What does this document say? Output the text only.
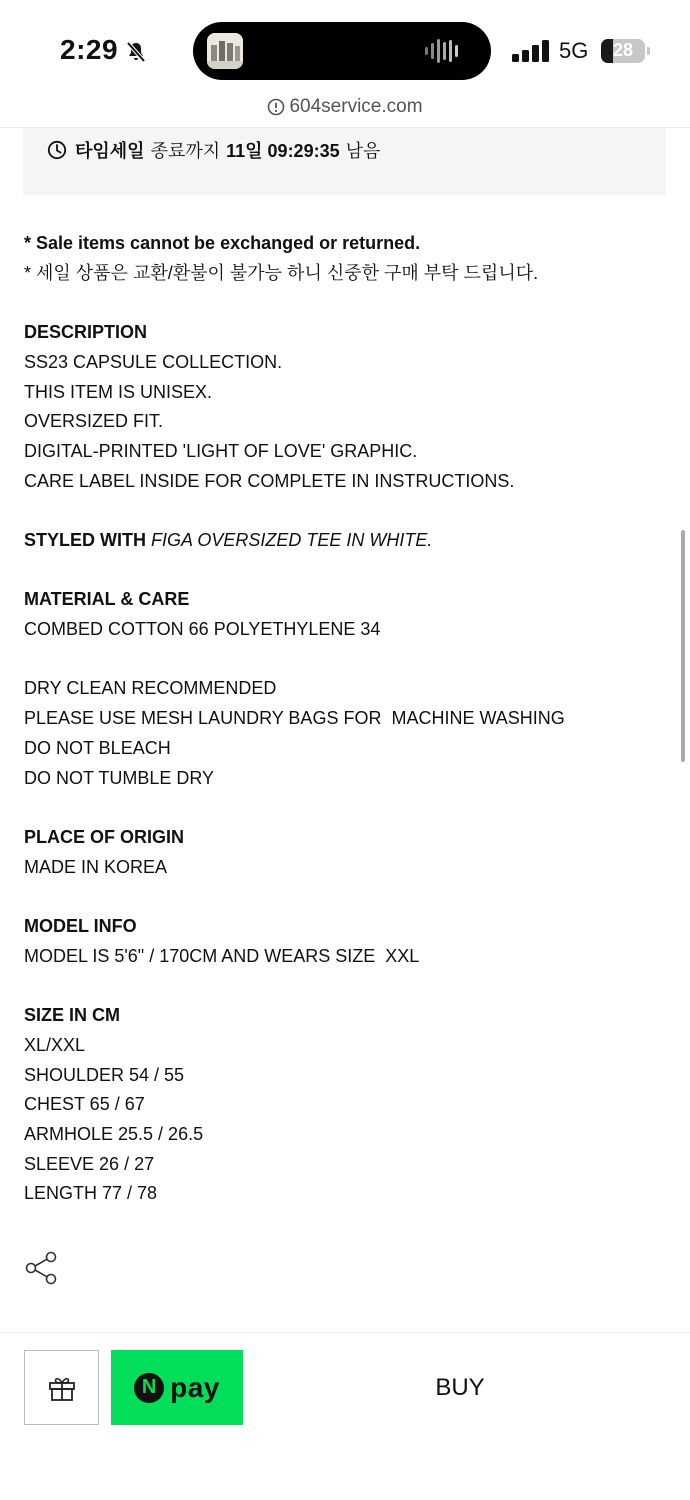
2:29	5G	28
604service.com
타임세일 종료까지 11일 09:29:35 남음

* Sale items cannot be exchanged or returned.

* 세일 상품은 교환/환불이 불가능 하니 신중한 구매 부탁 드립니다.

DESCRIPTION

SS23 CAPSULE COLLECTION.

THIS ITEM IS UNISEX.

OVERSIZED FIT.

DIGITAL-PRINTED 'LIGHT OF LOVE' GRAPHIC.

CARE LABEL INSIDE FOR COMPLETE IN INSTRUCTIONS.

STYLED WITH FIGA OVERSIZED TEE IN WHITE.

MATERIAL & CARE

COMBED COTTON 66 POLYETHYLENE 34

DRY CLEAN RECOMMENDED

PLEASE USE MESH LAUNDRY BAGS FOR  MACHINE WASHING

DO NOT BLEACH

DO NOT TUMBLE DRY

PLACE OF ORIGIN

MADE IN KOREA

MODEL INFO

MODEL IS 5'6" / 170CM AND WEARS SIZE  XXL

SIZE IN CM

XL/XXL

SHOULDER 54 / 55

CHEST 65 / 67

ARMHOLE 25.5 / 26.5

SLEEVE 26 / 27

LENGTH 77 / 78

N pay	BUY
